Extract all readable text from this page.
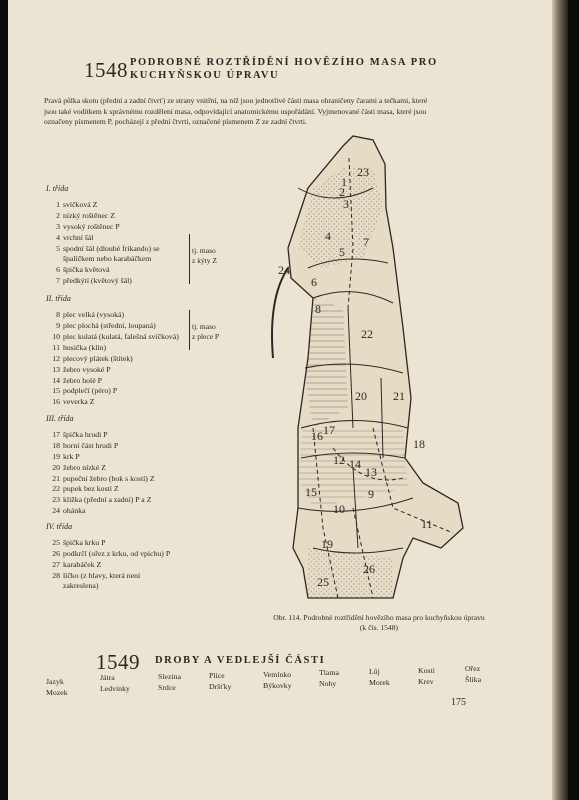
1548 PODROBNÉ ROZTŘÍDĚNÍ HOVĚZÍHO MASA PRO
KUCHYŇSKOU ÚPRAVU
Pravá půlka skotu (přední a zadní čtvrť) ze strany vnitřní, na níž jsou jednotlivé části masa ohraničeny čarami a tečkami, které
jsou také vodítkem k správnému rozdělení masa, odpovídající anatomickému uspořádání. Vyjmenované části masa, které jsou
označeny písmenem P, pocházejí z přední čtvrti, označené písmenem Z ze zadní čtvrti.
I. třída
1 svíčková Z
2 nízký roštěnec Z
3 vysoký roštěnec P
4 vrchní šál
5 spodní šál (dlouhé frikando) se
špalíčkem nebo karabáčkem
6 špička květová
7 předkýtí (květový šál)
tj. maso
z kýty Z
II. třída
8 plec velká (vysoká)
9 plec plochá (střední, loupaná)
10 plec kulatá (kulatá, falešná svíčková)
11 husička (klín)
12 plecový plátek (štítek)
13 žebro vysoké P
14 žebro holé P
15 podplečí (péro) P
16 veverka Z
tj. maso
z plece P
III. třída
17 špička hrudi P
18 horní část hrudi P
19 krk P
20 žebro nízké Z
21 pupeční žebro (bok s kostí) Z
22 pupek bez kostí Z
23 kližka (přední a zadní) P a Z
24 ohánka
IV. třída
25 špička krku P
26 podkrčí (ořez z krku, od vpichu) P
27 karabáček Z
28 líčko (z hlavy, která není
zakreslena)
23
1
2
3
4
5
6
7
22
24
8
20 21
17
18
16
12 14
13
15	9
10
11
19
26
25
Obr. 114. Podrobné roztřídění hovězího masa pro kuchyňskou úpravu
(k čís. 1548)
1549 DROBY A VEDLEJŠÍ ČÁSTI
Jazyk
Mozek
Játra
Ledvinky
Slezina
Srdce
Plíce
Dršťky
Vemínko
Býkovky
Tlama
Nohy
Lůj
Morek
Kosti
Krev
Ořez
Šlika
175
